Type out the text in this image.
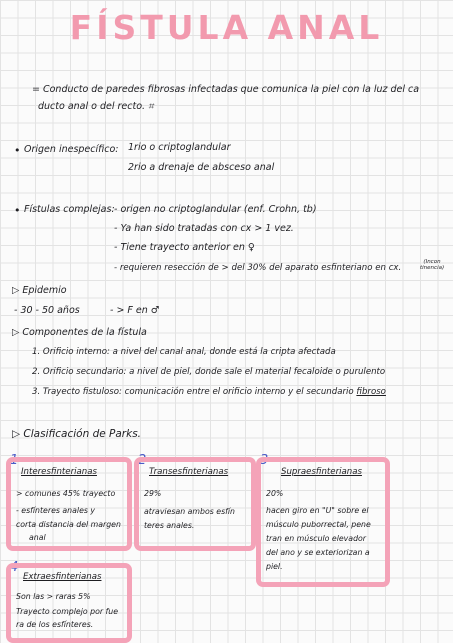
FÍSTULA ANAL
= Conducto de paredes fibrosas infectadas que comunica la piel con la luz del ca
ducto anal o del recto. ⌗
• Origen inespecífico: 1rio o criptoglandular
2rio a drenaje de absceso anal
• Fístulas complejas: - origen no criptoglandular (enf. Crohn, tb)
- Ya han sido tratadas con cx > 1 vez.
- Tiene trayecto anterior en ♀
- requieren resección de > del 30% del aparato esfinteriano en cx.
(Incon tinencia)
▷ Epidemio
- 30 - 50 años	- > F en ♂
▷ Componentes de la fístula
1. Orificio interno: a nivel del canal anal, donde está la cripta afectada
2. Orificio secundario: a nivel de piel, donde sale el material fecaloide o purulento
3. Trayecto fistuloso: comunicación entre el orificio interno y el secundario fibroso
▷ Clasificación de Parks.
1
Interesfinterianas
> comunes 45% trayecto
- esfínteres anales y
corta distancia del margen
anal
2
Transesfinterianas
29%
atraviesan ambos esfín
teres anales.
3
Supraesfinterianas
20%
hacen giro en "U" sobre el
músculo puborrectal, pene
tran en músculo elevador
del ano y se exteriorizan a
piel.
4
Extraesfinterianas
Son las > raras 5%
Trayecto complejo por fue
ra de los esfínteres.
